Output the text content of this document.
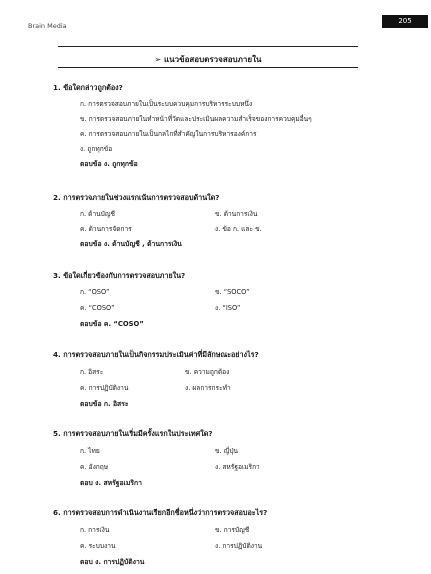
Brain Media
205
➢ แนวข้อสอบตรวจสอบภายใน
1. ข้อใดกล่าวถูกต้อง?
ก. การตรวจสอบภายในเป็นระบบควบคุมการบริหารระบบหนึ่ง
ข. การตรวจสอบภายในทำหน้าที่วัดและประเมินผลความสำเร็จของการควบคุมอื่นๆ
ค. การตรวจสอบภายในเป็นกลไกที่สำคัญในการบริหารองค์การ
ง. ถูกทุกข้อ
ตอบข้อ ง. ถูกทุกข้อ
2. การตรวจภายในช่วงแรกเน้นการตรวจสอบด้านใด?
ก. ด้านบัญชี	ข. ด้านการเงิน
ค. ด้านการจัดการ	ง. ข้อ ก. และ ข.
ตอบข้อ ง. ด้านบัญชี , ด้านการเงิน
3. ข้อใดเกี่ยวข้องกับการตรวจสอบภายใน?
ก. “OSO”	ข. “SOCO”
ค. “COSO”	ง. “ISO”
ตอบข้อ ค. “COSO”
4. การตรวจสอบภายในเป็นกิจกรรมประเมินค่าที่มีลักษณะอย่างไร?
ก. อิสระ	ข. ความถูกต้อง
ค. การปฏิบัติงาน	ง. ผลการกระทำ
ตอบข้อ ก. อิสระ
5. การตรวจสอบภายในเริ่มมีครั้งแรกในประเทศใด?
ก. ไทย	ข. ญี่ปุ่น
ค. อังกฤษ	ง. สหรัฐอเมริกา
ตอบ ง. สหรัฐอเมริกา
6. การตรวจสอบการดำเนินงานเรียกอีกชื่อหนึ่งว่าการตรวจสอบอะไร?
ก. การเงิน	ข. การบัญชี
ค. ระบบงาน	ง. การปฏิบัติงาน
ตอบ ง. การปฏิบัติงาน
